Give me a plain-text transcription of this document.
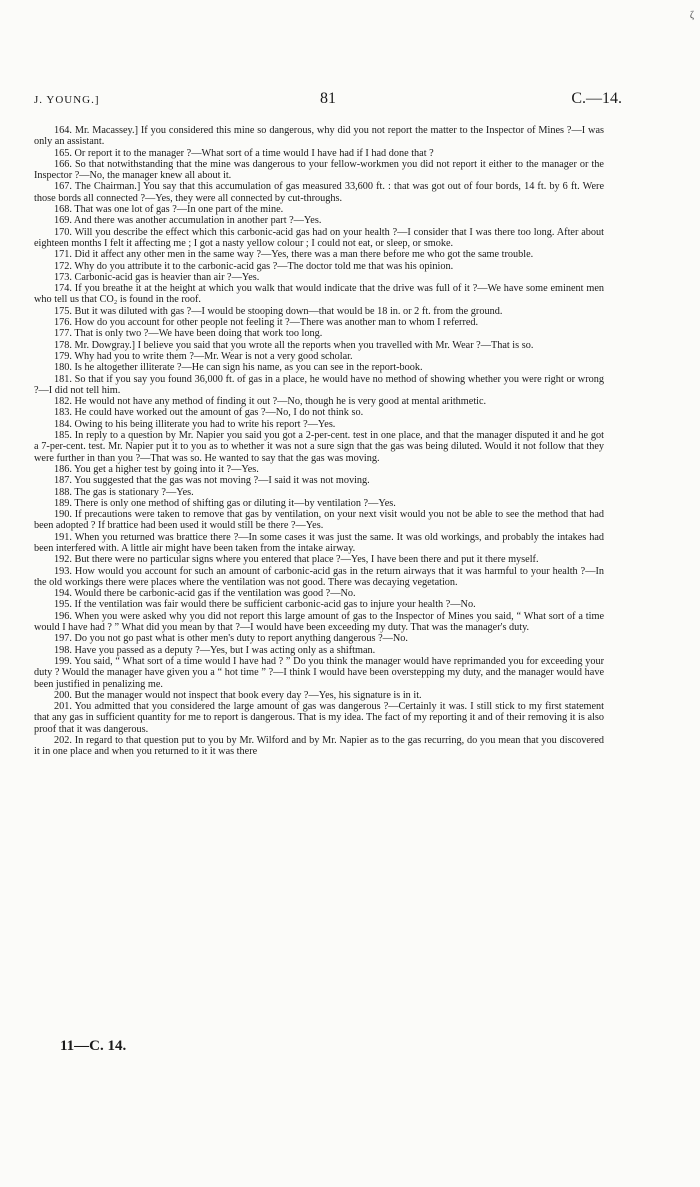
ζ
J. YOUNG.]	81	C.—14.

164. Mr. Macassey.] If you considered this mine so dangerous, why did you not report the matter to the Inspector of Mines ?—I was only an assistant.

165. Or report it to the manager ?—What sort of a time would I have had if I had done that ?

166. So that notwithstanding that the mine was dangerous to your fellow-workmen you did not report it either to the manager or the Inspector ?—No, the manager knew all about it.

167. The Chairman.] You say that this accumulation of gas measured 33,600 ft. : that was got out of four bords, 14 ft. by 6 ft. Were those bords all connected ?—Yes, they were all connected by cut-throughs.

168. That was one lot of gas ?—In one part of the mine.

169. And there was another accumulation in another part ?—Yes.

170. Will you describe the effect which this carbonic-acid gas had on your health ?—I consider that I was there too long. After about eighteen months I felt it affecting me ; I got a nasty yellow colour ; I could not eat, or sleep, or smoke.

171. Did it affect any other men in the same way ?—Yes, there was a man there before me who got the same trouble.

172. Why do you attribute it to the carbonic-acid gas ?—The doctor told me that was his opinion.

173. Carbonic-acid gas is heavier than air ?—Yes.

174. If you breathe it at the height at which you walk that would indicate that the drive was full of it ?—We have some eminent men who tell us that CO₂ is found in the roof.

175. But it was diluted with gas ?—I would be stooping down—that would be 18 in. or 2 ft. from the ground.

176. How do you account for other people not feeling it ?—There was another man to whom I referred.

177. That is only two ?—We have been doing that work too long.

178. Mr. Dowgray.] I believe you said that you wrote all the reports when you travelled with Mr. Wear ?—That is so.

179. Why had you to write them ?—Mr. Wear is not a very good scholar.

180. Is he altogether illiterate ?—He can sign his name, as you can see in the report-book.

181. So that if you say you found 36,000 ft. of gas in a place, he would have no method of showing whether you were right or wrong ?—I did not tell him.

182. He would not have any method of finding it out ?—No, though he is very good at mental arithmetic.

183. He could have worked out the amount of gas ?—No, I do not think so.

184. Owing to his being illiterate you had to write his report ?—Yes.

185. In reply to a question by Mr. Napier you said you got a 2-per-cent. test in one place, and that the manager disputed it and he got a 7-per-cent. test. Mr. Napier put it to you as to whether it was not a sure sign that the gas was being diluted. Would it not follow that they were further in than you ?—That was so. He wanted to say that the gas was moving.

186. You get a higher test by going into it ?—Yes.

187. You suggested that the gas was not moving ?—I said it was not moving.

188. The gas is stationary ?—Yes.

189. There is only one method of shifting gas or diluting it—by ventilation ?—Yes.

190. If precautions were taken to remove that gas by ventilation, on your next visit would you not be able to see the method that had been adopted ? If brattice had been used it would still be there ?—Yes.

191. When you returned was brattice there ?—In some cases it was just the same. It was old workings, and probably the intakes had been interfered with. A little air might have been taken from the intake airway.

192. But there were no particular signs where you entered that place ?—Yes, I have been there and put it there myself.

193. How would you account for such an amount of carbonic-acid gas in the return airways that it was harmful to your health ?—In the old workings there were places where the ventilation was not good. There was decaying vegetation.

194. Would there be carbonic-acid gas if the ventilation was good ?—No.

195. If the ventilation was fair would there be sufficient carbonic-acid gas to injure your health ?—No.

196. When you were asked why you did not report this large amount of gas to the Inspector of Mines you said, “ What sort of a time would I have had ? ” What did you mean by that ?—I would have been exceeding my duty. That was the manager's duty.

197. Do you not go past what is other men's duty to report anything dangerous ?—No.

198. Have you passed as a deputy ?—Yes, but I was acting only as a shiftman.

199. You said, “ What sort of a time would I have had ? ” Do you think the manager would have reprimanded you for exceeding your duty ? Would the manager have given you a “ hot time ” ?—I think I would have been overstepping my duty, and the manager would have been justified in penalizing me.

200. But the manager would not inspect that book every day ?—Yes, his signature is in it.

201. You admitted that you considered the large amount of gas was dangerous ?—Certainly it was. I still stick to my first statement that any gas in sufficient quantity for me to report is dangerous. That is my idea. The fact of my reporting it and of their removing it is also proof that it was dangerous.

202. In regard to that question put to you by Mr. Wilford and by Mr. Napier as to the gas recurring, do you mean that you discovered it in one place and when you returned to it it was there

11—C. 14.
